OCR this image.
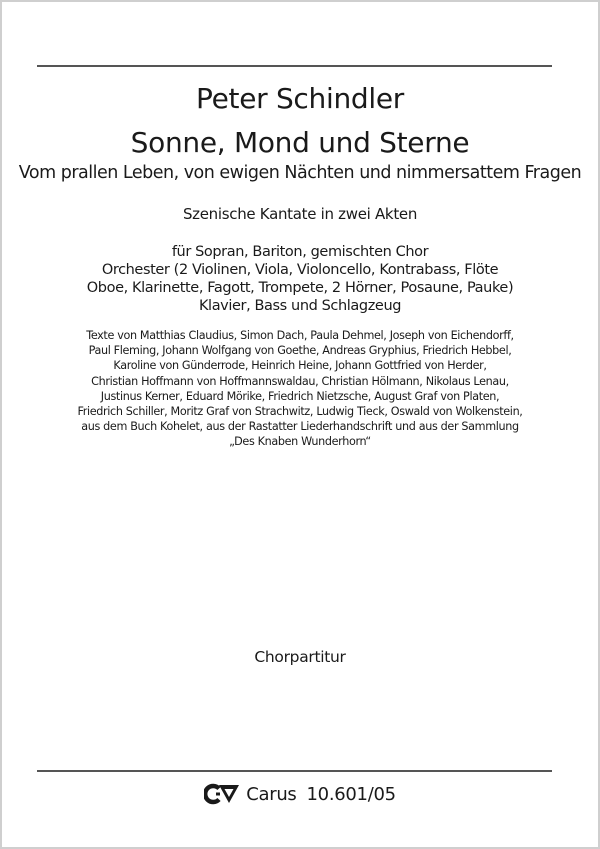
Peter Schindler
Sonne, Mond und Sterne
Vom prallen Leben, von ewigen Nächten und nimmersattem Fragen
Szenische Kantate in zwei Akten
für Sopran, Bariton, gemischten Chor
Orchester (2 Violinen, Viola, Violoncello, Kontrabass, Flöte
Oboe, Klarinette, Fagott, Trompete, 2 Hörner, Posaune, Pauke)
Klavier, Bass und Schlagzeug
Texte von Matthias Claudius, Simon Dach, Paula Dehmel, Joseph von Eichendorff,
Paul Fleming, Johann Wolfgang von Goethe, Andreas Gryphius, Friedrich Hebbel,
Karoline von Günderrode, Heinrich Heine, Johann Gottfried von Herder,
Christian Hoffmann von Hoffmannswaldau, Christian Hölmann, Nikolaus Lenau,
Justinus Kerner, Eduard Mörike, Friedrich Nietzsche, August Graf von Platen,
Friedrich Schiller, Moritz Graf von Strachwitz, Ludwig Tieck, Oswald von Wolkenstein,
aus dem Buch Kohelet, aus der Rastatter Liederhandschrift und aus der Sammlung
„Des Knaben Wunderhorn“
Chorpartitur
Carus 10.601/05
